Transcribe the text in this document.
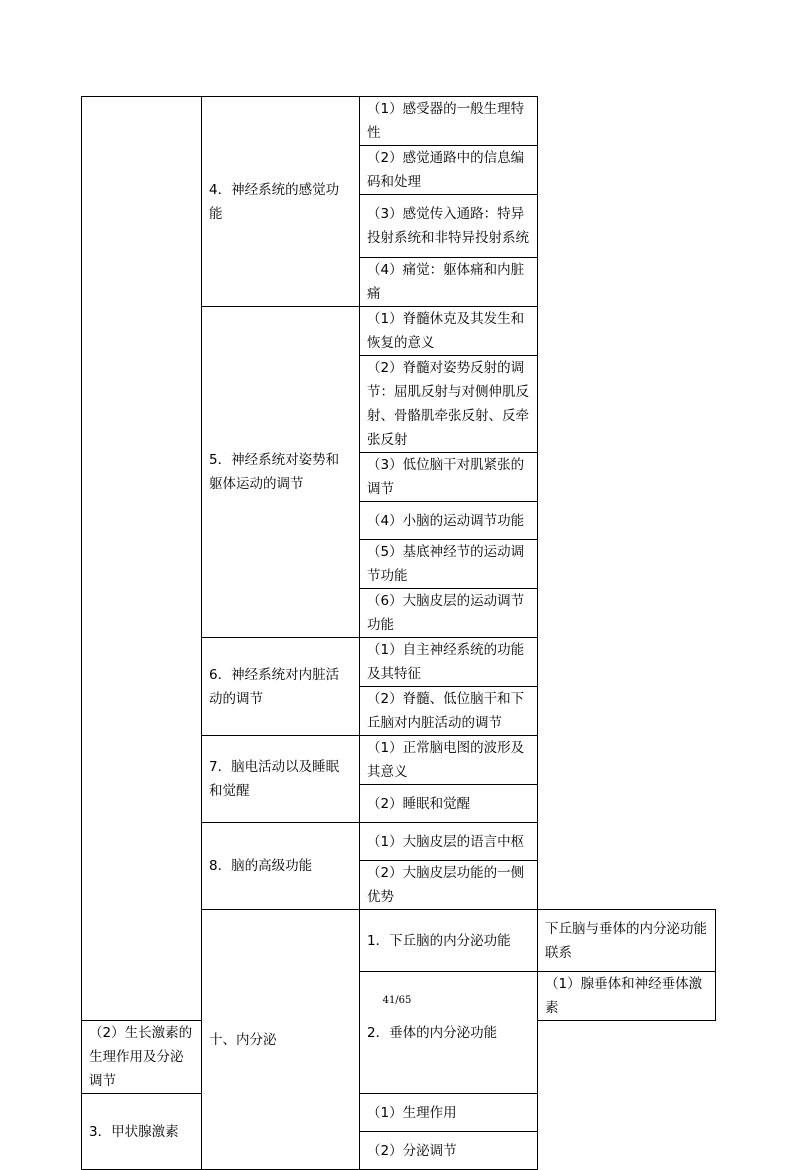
	4．神经系统的感觉功能	（1）感受器的一般生理特性	
		（2）感觉通路中的信息编码和处理	
		（3）感觉传入通路：特异投射系统和非特异投射系统	
		（4）痛觉：躯体痛和内脏痛	
	5．神经系统对姿势和躯体运动的调节	（1）脊髓休克及其发生和恢复的意义	
		（2）脊髓对姿势反射的调节：屈肌反射与对侧伸肌反射、骨骼肌牵张反射、反牵张反射	
		（3）低位脑干对肌紧张的调节	
		（4）小脑的运动调节功能	
		（5）基底神经节的运动调节功能	
		（6）大脑皮层的运动调节功能	
	6．神经系统对内脏活动的调节	（1）自主神经系统的功能及其特征	
		（2）脊髓、低位脑干和下丘脑对内脏活动的调节	
	7．脑电活动以及睡眠和觉醒	（1）正常脑电图的波形及其意义	
		（2）睡眠和觉醒	
	8．脑的高级功能	（1）大脑皮层的语言中枢	
		（2）大脑皮层功能的一侧优势	
	十、内分泌	1．下丘脑的内分泌功能	下丘脑与垂体的内分泌功能联系
		2．垂体的内分泌功能	（1）腺垂体和神经垂体激素
（2）生长激素的生理作用及分泌调节			
3．甲状腺激素		（1）生理作用	
		（2）分泌调节	
41/65
